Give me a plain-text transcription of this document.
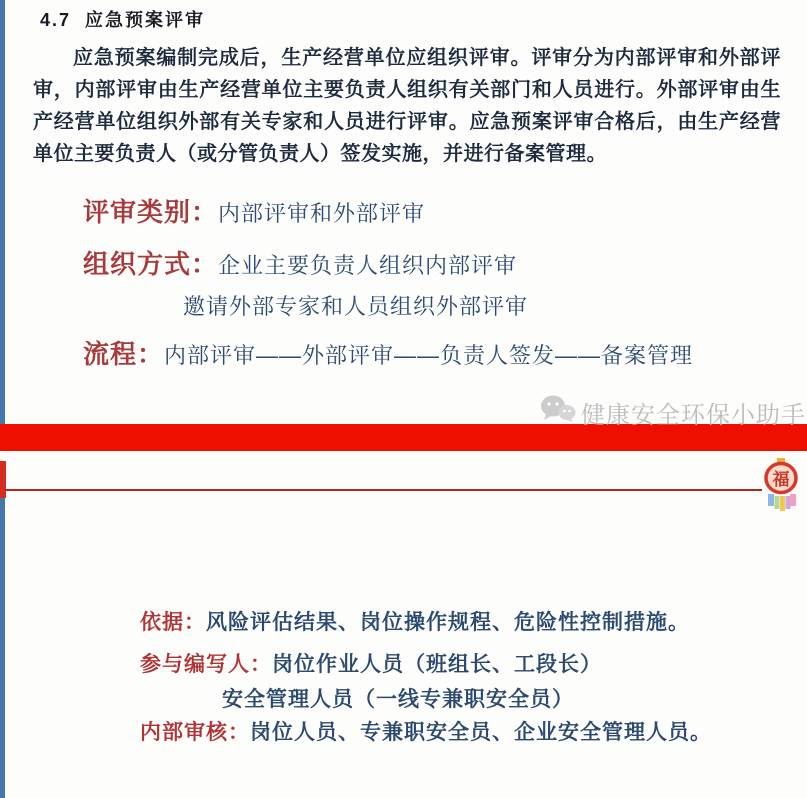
4.7  应急预案评审

应急预案编制完成后，生产经营单位应组织评审。评审分为内部评审和外部评审，内部评审由生产经营单位主要负责人组织有关部门和人员进行。外部评审由生产经营单位组织外部有关专家和人员进行评审。应急预案评审合格后，由生产经营单位主要负责人（或分管负责人）签发实施，并进行备案管理。

评审类别：内部评审和外部评审
组织方式：企业主要负责人组织内部评审
邀请外部专家和人员组织外部评审
流程：内部评审——外部评审——负责人签发——备案管理
健康安全环保小助手
福
依据：风险评估结果、岗位操作规程、危险性控制措施。
参与编写人：岗位作业人员（班组长、工段长）
安全管理人员（一线专兼职安全员）
内部审核：岗位人员、专兼职安全员、企业安全管理人员。
